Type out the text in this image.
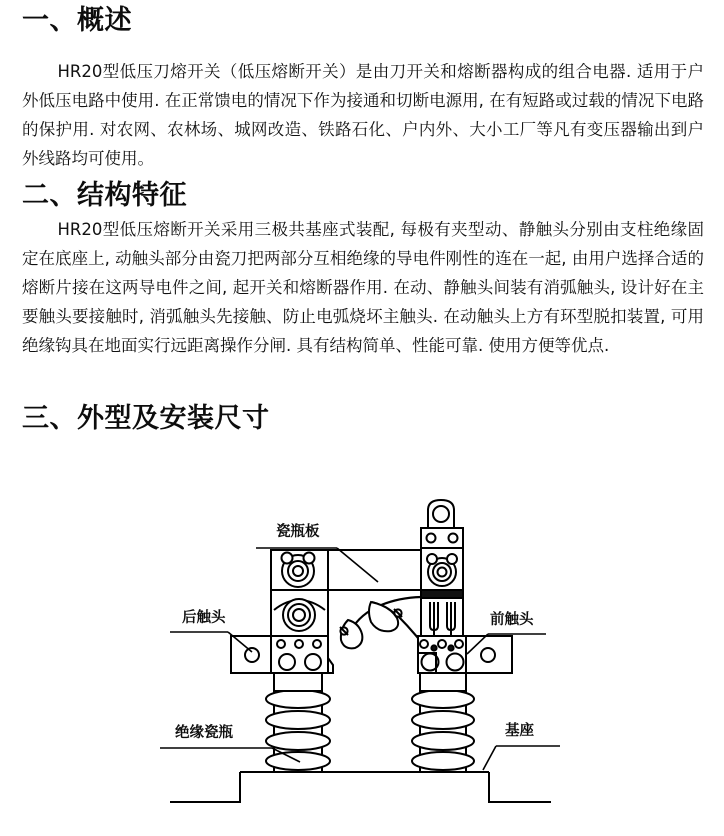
一、概述
HR20型低压刀熔开关（低压熔断开关）是由刀开关和熔断器构成的组合电器. 适用于户外低压电路中使用. 在正常馈电的情况下作为接通和切断电源用, 在有短路或过载的情况下电路的保护用. 对农网、农林场、城网改造、铁路石化、户内外、大小工厂等凡有变压器输出到户外线路均可使用。
二、结构特征
HR20型低压熔断开关采用三极共基座式装配, 每极有夹型动、静触头分别由支柱绝缘固定在底座上, 动触头部分由瓷刀把两部分互相绝缘的导电件刚性的连在一起, 由用户选择合适的熔断片接在这两导电件之间, 起开关和熔断器作用. 在动、静触头间装有消弧触头, 设计好在主要触头要接触时, 消弧触头先接触、防止电弧烧坏主触头. 在动触头上方有环型脱扣装置, 可用绝缘钩具在地面实行远距离操作分闸. 具有结构简单、性能可靠. 使用方便等优点.
三、外型及安装尺寸
瓷瓶板
后触头	前触头
绝缘瓷瓶	基座
